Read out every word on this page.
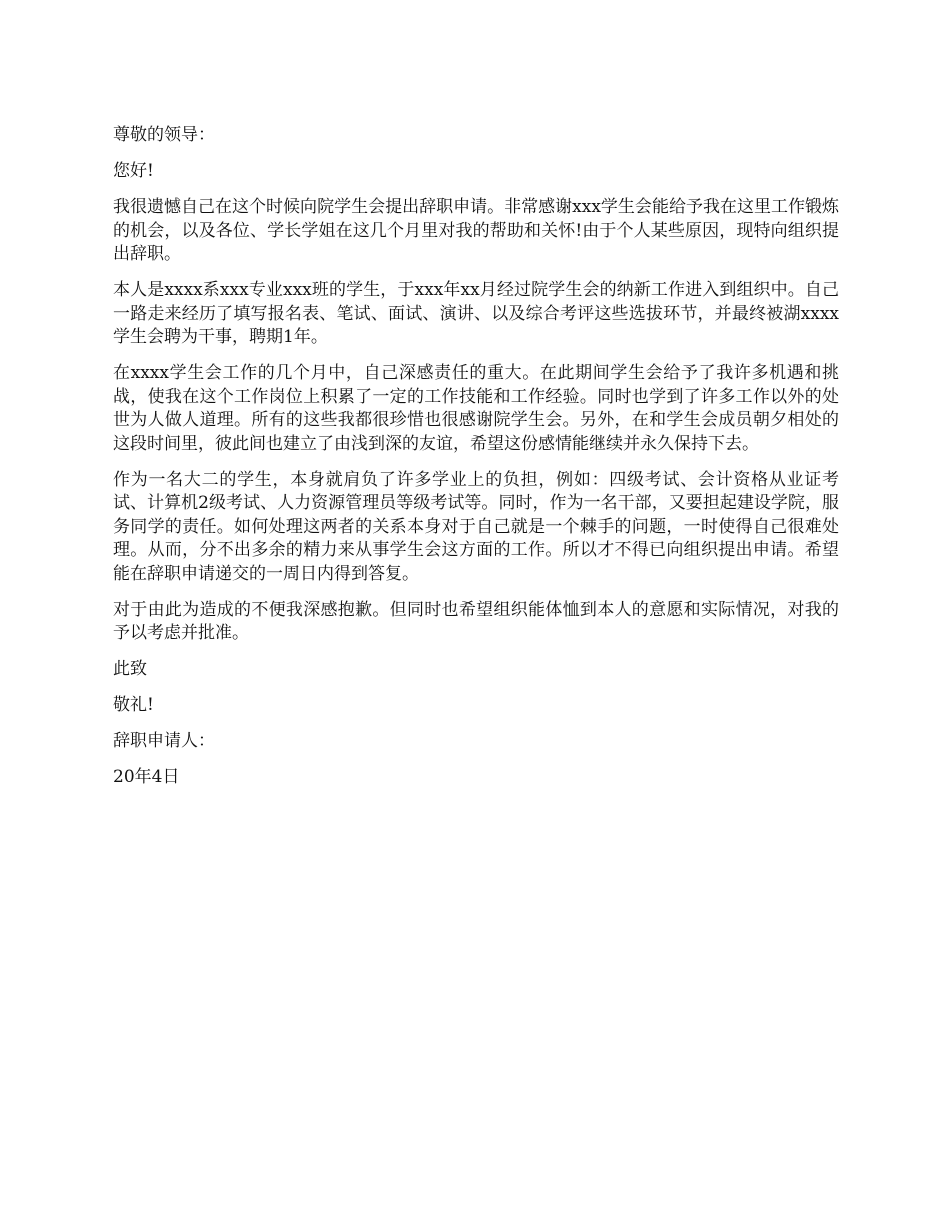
尊敬的领导：

您好!

我很遗憾自己在这个时候向院学生会提出辞职申请。非常感谢xxx学生会能给予我在这里工作锻炼的机会，以及各位、学长学姐在这几个月里对我的帮助和关怀!由于个人某些原因，现特向组织提出辞职。

本人是xxxx系xxx专业xxx班的学生，于xxx年xx月经过院学生会的纳新工作进入到组织中。自己一路走来经历了填写报名表、笔试、面试、演讲、以及综合考评这些选拔环节，并最终被湖xxxx学生会聘为干事，聘期1年。

在xxxx学生会工作的几个月中，自己深感责任的重大。在此期间学生会给予了我许多机遇和挑战，使我在这个工作岗位上积累了一定的工作技能和工作经验。同时也学到了许多工作以外的处世为人做人道理。所有的这些我都很珍惜也很感谢院学生会。另外，在和学生会成员朝夕相处的这段时间里，彼此间也建立了由浅到深的友谊，希望这份感情能继续并永久保持下去。

作为一名大二的学生，本身就肩负了许多学业上的负担，例如：四级考试、会计资格从业证考试、计算机2级考试、人力资源管理员等级考试等。同时，作为一名干部，又要担起建设学院，服务同学的责任。如何处理这两者的关系本身对于自己就是一个棘手的问题，一时使得自己很难处理。从而，分不出多余的精力来从事学生会这方面的工作。所以才不得已向组织提出申请。希望能在辞职申请递交的一周日内得到答复。

对于由此为造成的不便我深感抱歉。但同时也希望组织能体恤到本人的意愿和实际情况，对我的予以考虑并批准。

此致

敬礼!

辞职申请人：

20年4日
